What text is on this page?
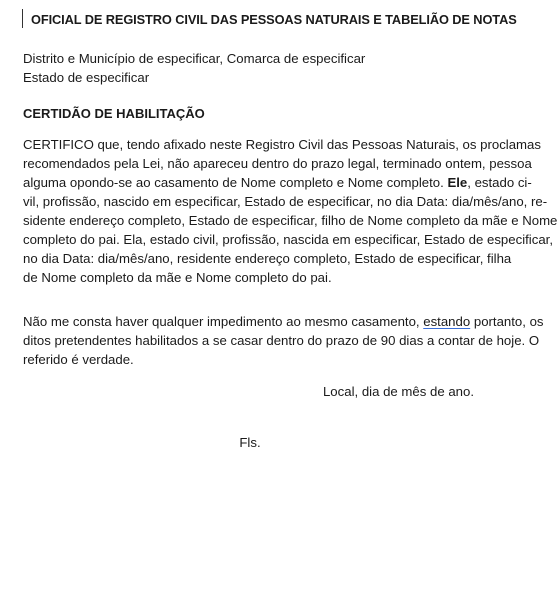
OFICIAL DE REGISTRO CIVIL DAS PESSOAS NATURAIS E TABELIÃO DE NOTAS
Distrito e Município de especificar, Comarca de especificar
Estado de especificar
CERTIDÃO DE HABILITAÇÃO
CERTIFICO que, tendo afixado neste Registro Civil das Pessoas Naturais, os proclamas
recomendados pela Lei, não apareceu dentro do prazo legal, terminado ontem, pessoa
alguma opondo-se ao casamento de Nome completo e Nome completo. Ele, estado ci-
vil, profissão, nascido em especificar, Estado de especificar, no dia Data: dia/mês/ano, re-
sidente endereço completo, Estado de especificar, filho de Nome completo da mãe e Nome
completo do pai. Ela, estado civil, profissão, nascida em especificar, Estado de especificar,
no dia Data: dia/mês/ano, residente endereço completo, Estado de especificar, filha
de Nome completo da mãe e Nome completo do pai.
Não me consta haver qualquer impedimento ao mesmo casamento, estando portanto, os
ditos pretendentes habilitados a se casar dentro do prazo de 90 dias a contar de hoje. O
referido é verdade.
Local, dia de mês de ano.
Fls.
